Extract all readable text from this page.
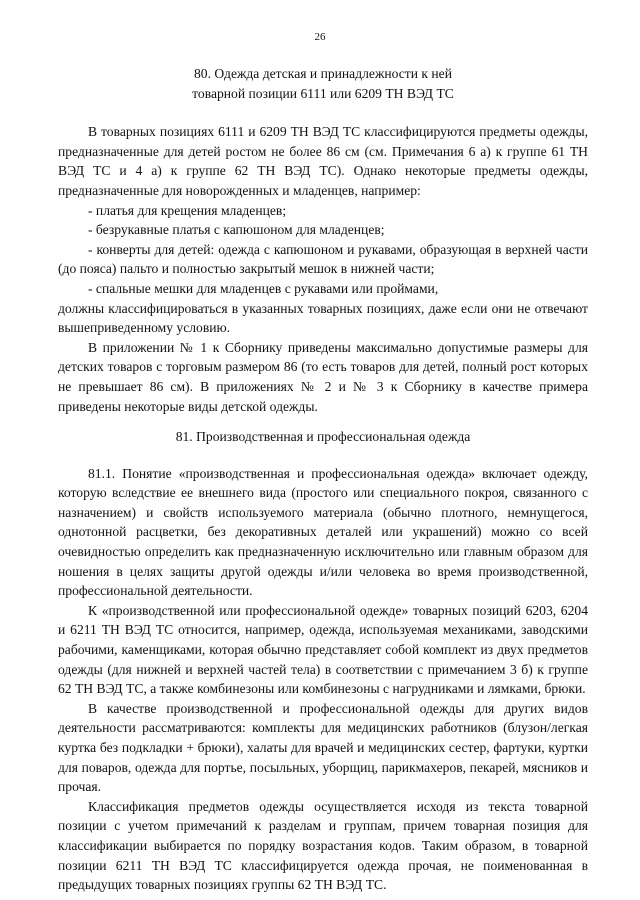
26
80. Одежда детская и принадлежности к ней
товарной позиции 6111 или 6209 ТН ВЭД ТС

В товарных позициях 6111 и 6209 ТН ВЭД ТС классифицируются предметы одежды, предназначенные для детей ростом не более 86 см (см. Примечания 6 а) к группе 61 ТН ВЭД ТС и 4 а) к группе 62 ТН ВЭД ТС). Однако некоторые предметы одежды, предназначенные для новорожденных и младенцев, например:

- платья для крещения младенцев;

- безрукавные платья с капюшоном для младенцев;

- конверты для детей: одежда с капюшоном и рукавами, образующая в верхней части (до пояса) пальто и полностью закрытый мешок в нижней части;

- спальные мешки для младенцев с рукавами или проймами,

должны классифицироваться в указанных товарных позициях, даже если они не отвечают вышеприведенному условию.

В приложении № 1 к Сборнику приведены максимально допустимые размеры для детских товаров с торговым размером 86 (то есть товаров для детей, полный рост которых не превышает 86 см). В приложениях № 2 и № 3 к Сборнику в качестве примера приведены некоторые виды детской одежды.

81. Производственная и профессиональная одежда

81.1. Понятие «производственная и профессиональная одежда» включает одежду, которую вследствие ее внешнего вида (простого или специального покроя, связанного с назначением) и свойств используемого материала (обычно плотного, немнущегося, однотонной расцветки, без декоративных деталей или украшений) можно со всей очевидностью определить как предназначенную исключительно или главным образом для ношения в целях защиты другой одежды и/или человека во время производственной, профессиональной деятельности.

К «производственной или профессиональной одежде» товарных позиций 6203, 6204 и 6211 ТН ВЭД ТС относится, например, одежда, используемая механиками, заводскими рабочими, каменщиками, которая обычно представляет собой комплект из двух предметов одежды (для нижней и верхней частей тела) в соответствии с примечанием 3 б) к группе 62 ТН ВЭД ТС, а также комбинезоны или комбинезоны с нагрудниками и лямками, брюки.

В качестве производственной и профессиональной одежды для других видов деятельности рассматриваются: комплекты для медицинских работников (блузон/легкая куртка без подкладки + брюки), халаты для врачей и медицинских сестер, фартуки, куртки для поваров, одежда для портье, посыльных, уборщиц, парикмахеров, пекарей, мясников и прочая.

Классификация предметов одежды осуществляется исходя из текста товарной позиции с учетом примечаний к разделам и группам, причем товарная позиция для классификации выбирается по порядку возрастания кодов. Таким образом, в товарной позиции 6211 ТН ВЭД ТС классифицируется одежда прочая, не поименованная в предыдущих товарных позициях группы 62 ТН ВЭД ТС.
